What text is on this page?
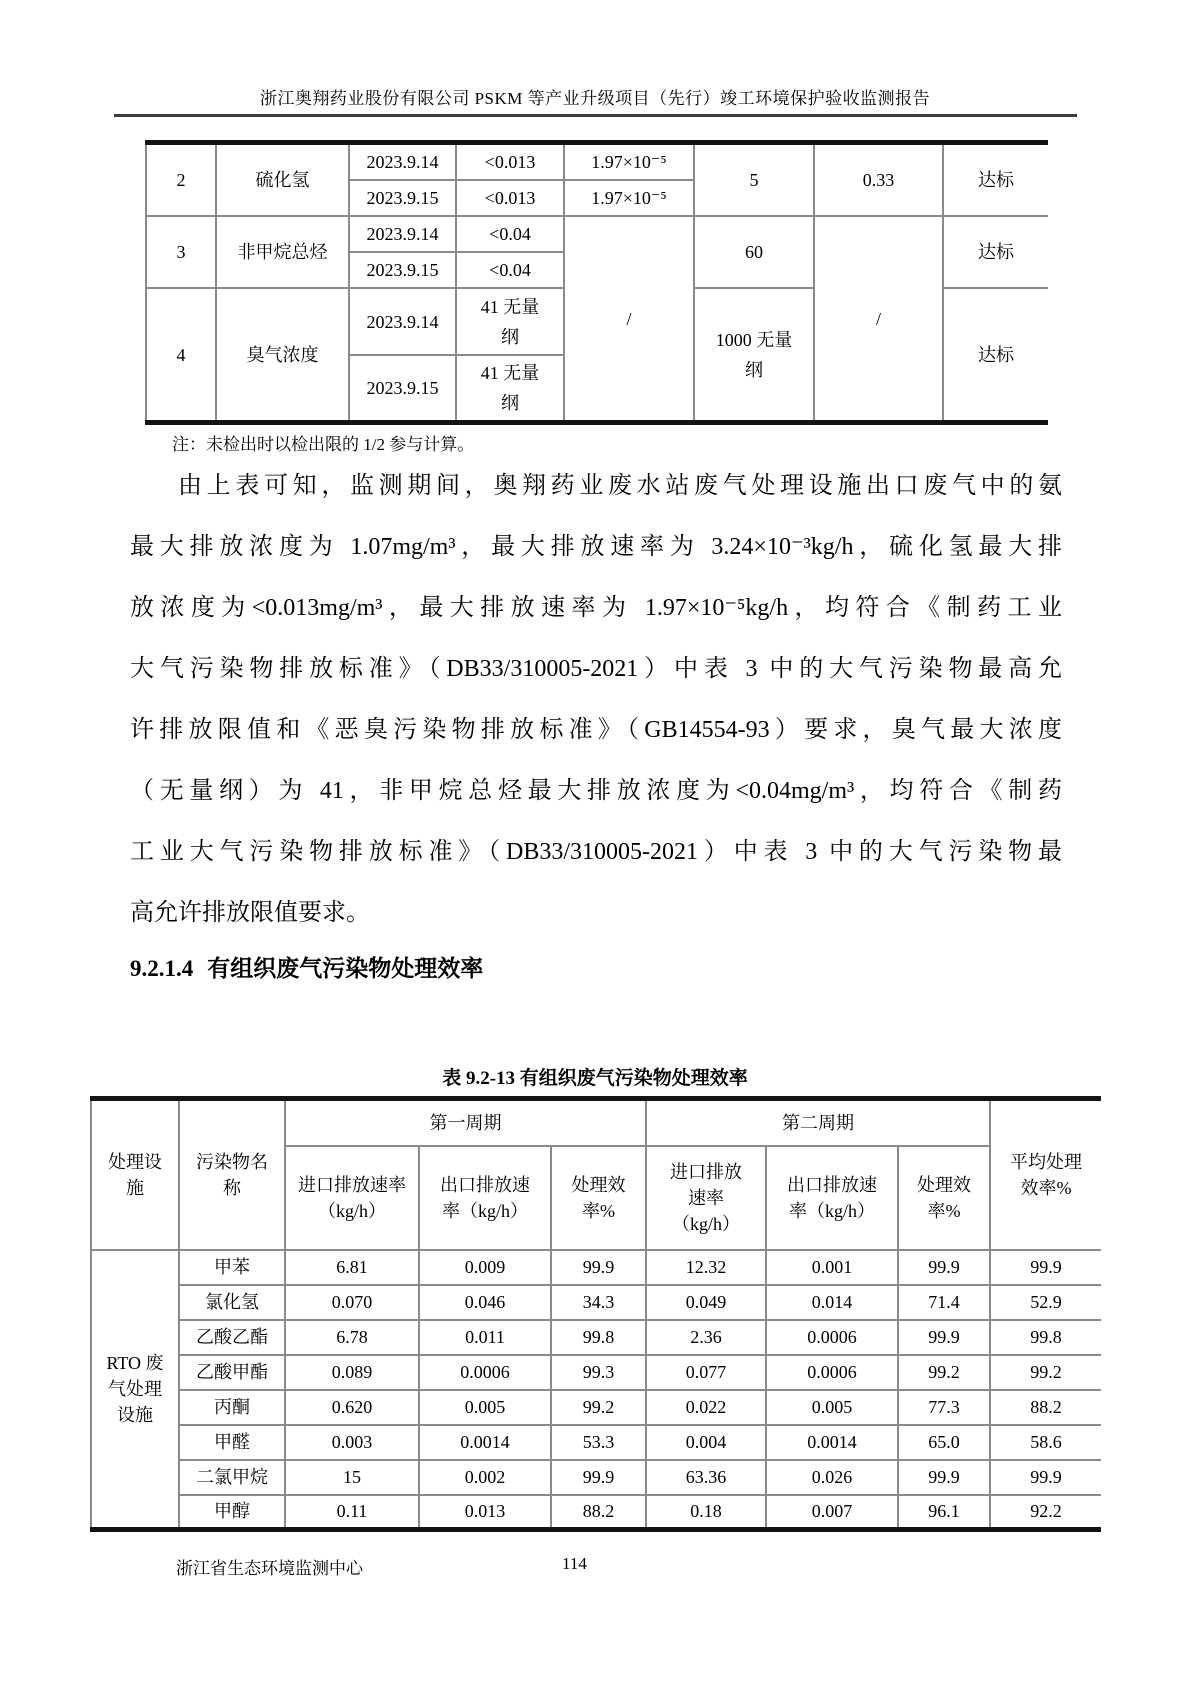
浙江奥翔药业股份有限公司 PSKM 等产业升级项目（先行）竣工环境保护验收监测报告
2	硫化氢	2023.9.14	<0.013	1.97×10⁻⁵	5	0.33	达标
		2023.9.15	<0.013	1.97×10⁻⁵			
3	非甲烷总烃	2023.9.14	<0.04	/	60	/	达标
		2023.9.15	<0.04				
4	臭气浓度	2023.9.14	41 无量纲		1000 无量纲		达标
		2023.9.15	41 无量纲				
注：未检出时以检出限的 1/2 参与计算。
由上表可知，监测期间，奥翔药业废水站废气处理设施出口废气中的氨
最大排放浓度为 1.07mg/m³，最大排放速率为 3.24×10⁻³kg/h，硫化氢最大排
放浓度为<0.013mg/m³，最大排放速率为 1.97×10⁻⁵kg/h，均符合《制药工业
大气污染物排放标准》（DB33/310005-2021）中表 3 中的大气污染物最高允
许排放限值和《恶臭污染物排放标准》（GB14554-93）要求，臭气最大浓度
（无量纲）为 41，非甲烷总烃最大排放浓度为<0.04mg/m³，均符合《制药
工业大气污染物排放标准》（DB33/310005-2021）中表 3 中的大气污染物最
高允许排放限值要求。
9.2.1.4 有组织废气污染物处理效率
表 9.2-13 有组织废气污染物处理效率
处理设施	污染物名称	第一周期			第二周期			平均处理效率%
		进口排放速率（kg/h）	出口排放速率（kg/h）	处理效率%	进口排放速率（kg/h）	出口排放速率（kg/h）	处理效率%	
RTO 废气处理设施	甲苯	6.81	0.009	99.9	12.32	0.001	99.9	99.9
	氯化氢	0.070	0.046	34.3	0.049	0.014	71.4	52.9
	乙酸乙酯	6.78	0.011	99.8	2.36	0.0006	99.9	99.8
	乙酸甲酯	0.089	0.0006	99.3	0.077	0.0006	99.2	99.2
	丙酮	0.620	0.005	99.2	0.022	0.005	77.3	88.2
	甲醛	0.003	0.0014	53.3	0.004	0.0014	65.0	58.6
	二氯甲烷	15	0.002	99.9	63.36	0.026	99.9	99.9
	甲醇	0.11	0.013	88.2	0.18	0.007	96.1	92.2
浙江省生态环境监测中心	114
